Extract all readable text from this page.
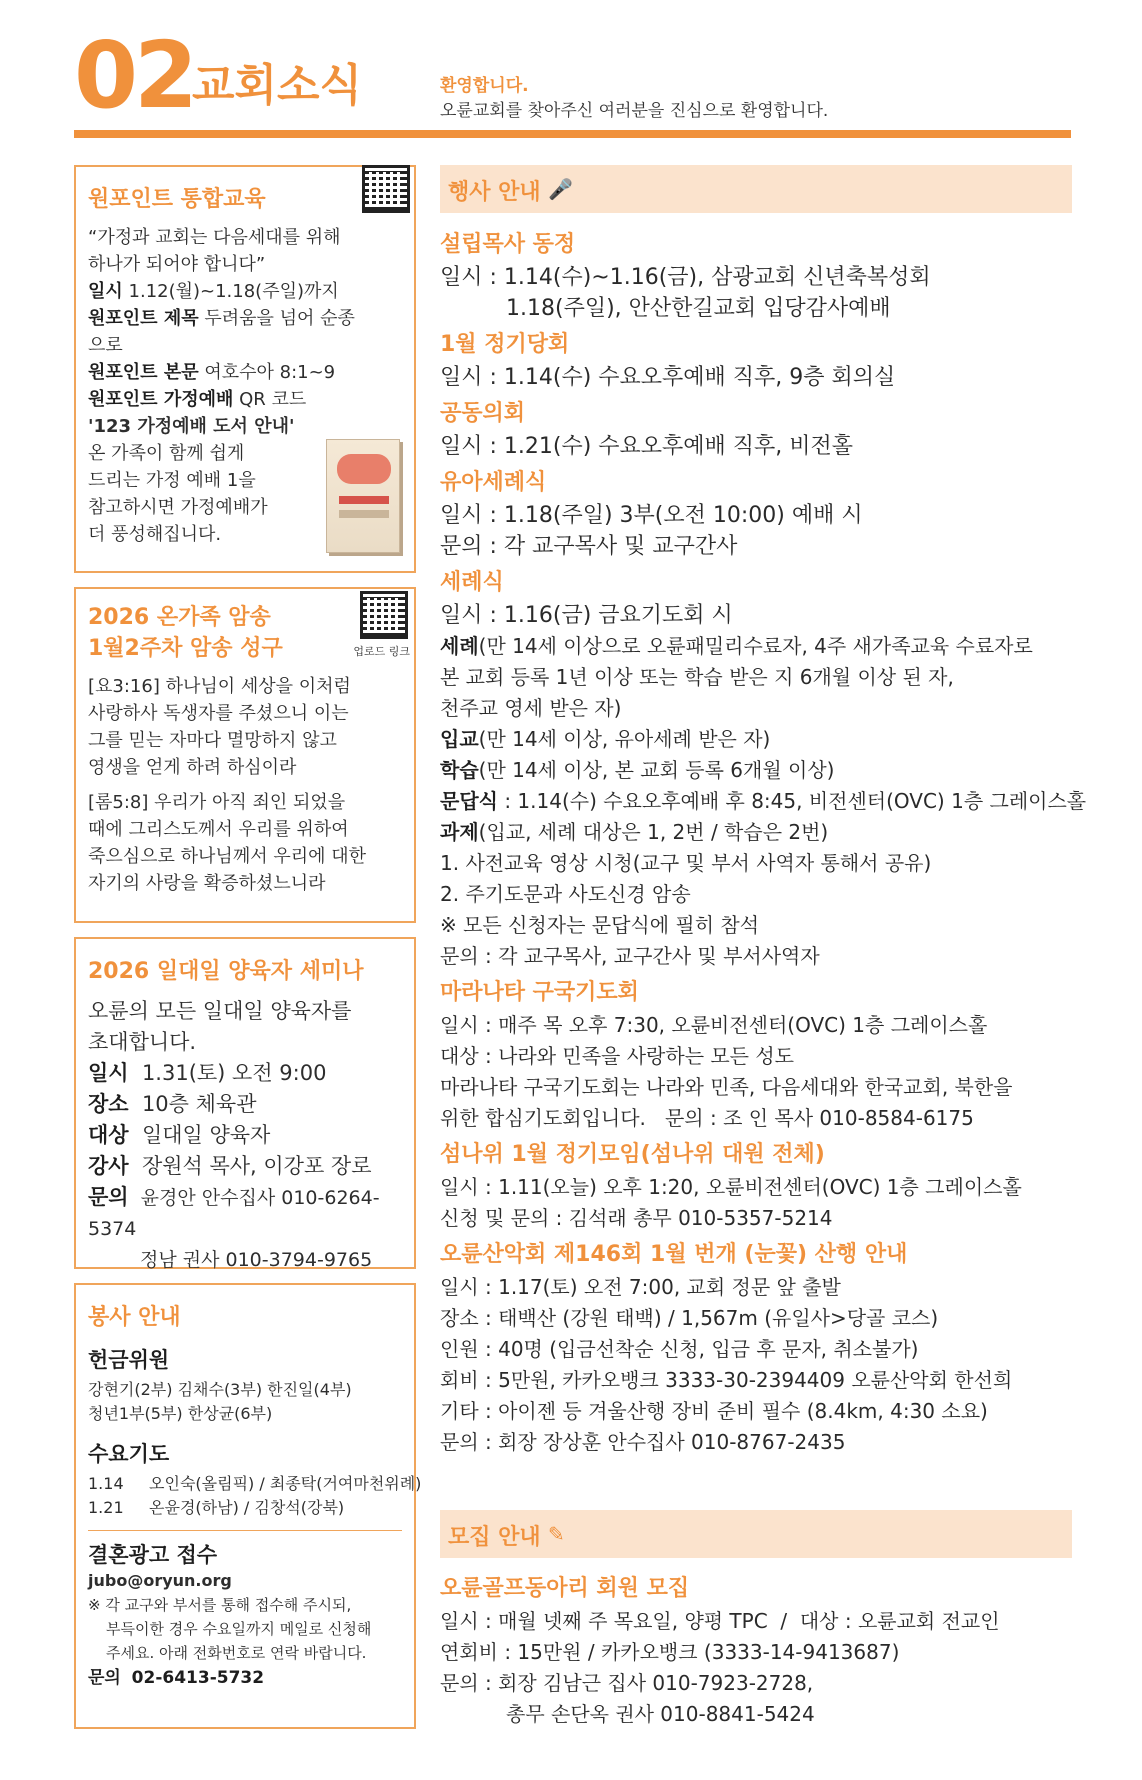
02
교회소식	환영합니다.
오륜교회를 찾아주신 여러분을 진심으로 환영합니다.
원포인트 통합교육
“가정과 교회는 다음세대를 위해
하나가 되어야 합니다”
일시 1.12(월)~1.18(주일)까지
원포인트 제목 두려움을 넘어 순종
으로
원포인트 본문 여호수아 8:1~9
원포인트 가정예배 QR 코드
'123 가정예배 도서 안내'
온 가족이 함께 쉽게
드리는 가정 예배 1을
참고하시면 가정예배가
더 풍성해집니다.
업로드 링크
2026 온가족 암송
1월2주차 암송 성구
[요3:16] 하나님이 세상을 이처럼
사랑하사 독생자를 주셨으니 이는
그를 믿는 자마다 멸망하지 않고
영생을 얻게 하려 하심이라
[롬5:8] 우리가 아직 죄인 되었을
때에 그리스도께서 우리를 위하여
죽으심으로 하나님께서 우리에 대한
자기의 사랑을 확증하셨느니라
2026 일대일 양육자 세미나
오륜의 모든 일대일 양육자를
초대합니다.
일시 1.31(토) 오전 9:00
장소 10층 체육관
대상 일대일 양육자
강사 장원석 목사, 이강포 장로
문의 윤경안 안수집사 010-6264-5374
정남 권사 010-3794-9765
봉사 안내
헌금위원
강현기(2부) 김채수(3부) 한진일(4부)
청년1부(5부) 한상균(6부)
수요기도
1.14     오인숙(올림픽) / 최종탁(거여마천위례)
1.21     온윤경(하남) / 김창석(강북)
결혼광고 접수
jubo@oryun.org
※ 각 교구와 부서를 통해 접수해 주시되,
부득이한 경우 수요일까지 메일로 신청해
주세요. 아래 전화번호로 연락 바랍니다.
문의 02-6413-5732
행사 안내 🎤
설립목사 동정
일시 : 1.14(수)~1.16(금), 삼광교회 신년축복성회
1.18(주일), 안산한길교회 입당감사예배
1월 정기당회
일시 : 1.14(수) 수요오후예배 직후, 9층 회의실
공동의회
일시 : 1.21(수) 수요오후예배 직후, 비전홀
유아세례식
일시 : 1.18(주일) 3부(오전 10:00) 예배 시
문의 : 각 교구목사 및 교구간사
세례식
일시 : 1.16(금) 금요기도회 시
세례(만 14세 이상으로 오륜패밀리수료자, 4주 새가족교육 수료자로
본 교회 등록 1년 이상 또는 학습 받은 지 6개월 이상 된 자,
천주교 영세 받은 자)
입교(만 14세 이상, 유아세례 받은 자)
학습(만 14세 이상, 본 교회 등록 6개월 이상)
문답식 : 1.14(수) 수요오후예배 후 8:45, 비전센터(OVC) 1층 그레이스홀
과제(입교, 세례 대상은 1, 2번 / 학습은 2번)
1. 사전교육 영상 시청(교구 및 부서 사역자 통해서 공유)
2. 주기도문과 사도신경 암송
※ 모든 신청자는 문답식에 필히 참석
문의 : 각 교구목사, 교구간사 및 부서사역자
마라나타 구국기도회
일시 : 매주 목 오후 7:30, 오륜비전센터(OVC) 1층 그레이스홀
대상 : 나라와 민족을 사랑하는 모든 성도
마라나타 구국기도회는 나라와 민족, 다음세대와 한국교회, 북한을
위한 합심기도회입니다.   문의 : 조 인 목사 010-8584-6175
섬나위 1월 정기모임(섬나위 대원 전체)
일시 : 1.11(오늘) 오후 1:20, 오륜비전센터(OVC) 1층 그레이스홀
신청 및 문의 : 김석래 총무 010-5357-5214
오륜산악회 제146회 1월 번개 (눈꽃) 산행 안내
일시 : 1.17(토) 오전 7:00, 교회 정문 앞 출발
장소 : 태백산 (강원 태백) / 1,567m (유일사>당골 코스)
인원 : 40명 (입금선착순 신청, 입금 후 문자, 취소불가)
회비 : 5만원, 카카오뱅크 3333-30-2394409 오륜산악회 한선희
기타 : 아이젠 등 겨울산행 장비 준비 필수 (8.4km, 4:30 소요)
문의 : 회장 장상훈 안수집사 010-8767-2435
모집 안내 ✎
오륜골프동아리 회원 모집
일시 : 매월 넷째 주 목요일, 양평 TPC  /  대상 : 오륜교회 전교인
연회비 : 15만원 / 카카오뱅크 (3333-14-9413687)
문의 : 회장 김남근 집사 010-7923-2728,
총무 손단옥 권사 010-8841-5424
